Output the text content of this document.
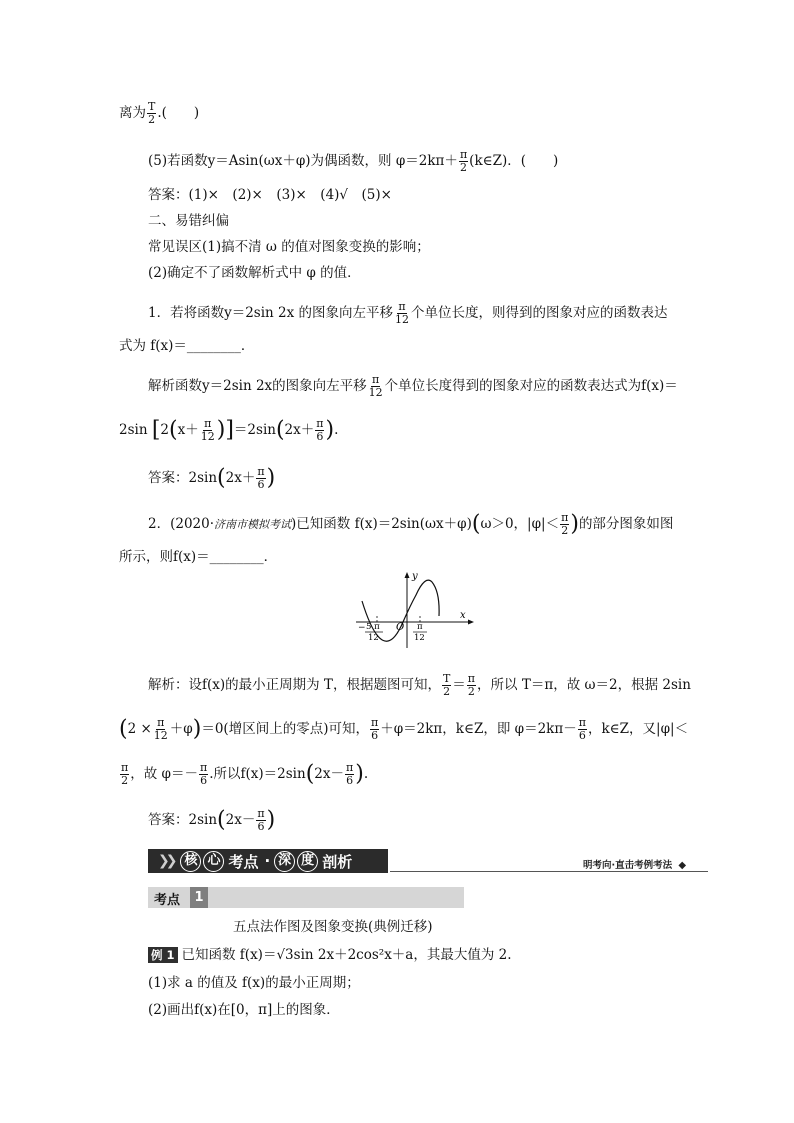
离为 $\frac{T}{2}$ .(　　)
(5)若函数y＝Asin(ωx＋φ)为偶函数，则 $\varphi=2k\pi+ \frac{\pi}{2}$ (k∈Z)．(　　)
答案：(1)×　(2)×　(3)×　(4)√　(5)×
二、易错纠偏
常见误区(1)搞不清 ω 的值对图象变换的影响；
(2)确定不了函数解析式中 φ 的值．
1．若将函数y＝2sin 2x 的图象向左平移 $\frac{\pi}{12}$ 个单位长度，则得到的图象对应的函数表达
式为 f(x)＝________．
解析函数y＝2sin 2x的图象向左平移 $\frac{\pi}{12}$ 个单位长度得到的图象对应的函数表达式为f(x)＝
2sin $[2(x+ \frac{\pi}{12} )]=2\sin(2x+ \frac{\pi}{6}$ ).
答案：$2\sin(2x+ \frac{\pi}{6}$ )
2．(2020·济南市模拟考试)已知函数 f(x)＝2sin(ωx＋φ)(ω＞0，$|\varphi|< \frac{\pi}{2}$ )的部分图象如图
所示，则f(x)＝________．
y
x
O
− 5 π
12
π
12
解析：设f(x)的最小正周期为 T，根据题图可知， $\frac{T}{2} = \frac{\pi}{2}$ ，所以 T＝π，故 ω＝2，根据 2sin
$(2 \times \frac{\pi}{12} +\varphi)=0$(增区间上的零点)可知， $\frac{\pi}{6} +\varphi=2k\pi$，k∈Z，即 $\varphi=2k\pi- \frac{\pi}{6}$ ，k∈Z，又|φ|＜
$\frac{\pi}{2}$ ，故 $\varphi=- \frac{\pi}{6}$ .所以$f(x)=2\sin(2x- \frac{\pi}{6}$ ).
答案：$2\sin(2x- \frac{\pi}{6}$ )
❯❯ 核 心 考点 · 深 度 剖析	明考向·直击考例考法 ◆
考点	1
五点法作图及图象变换(典例迁移)
例 1 已知函数 f(x)＝√3sin 2x＋2cos²x＋a，其最大值为 2.
(1)求 a 的值及 f(x)的最小正周期；
(2)画出f(x)在[0，π]上的图象．
